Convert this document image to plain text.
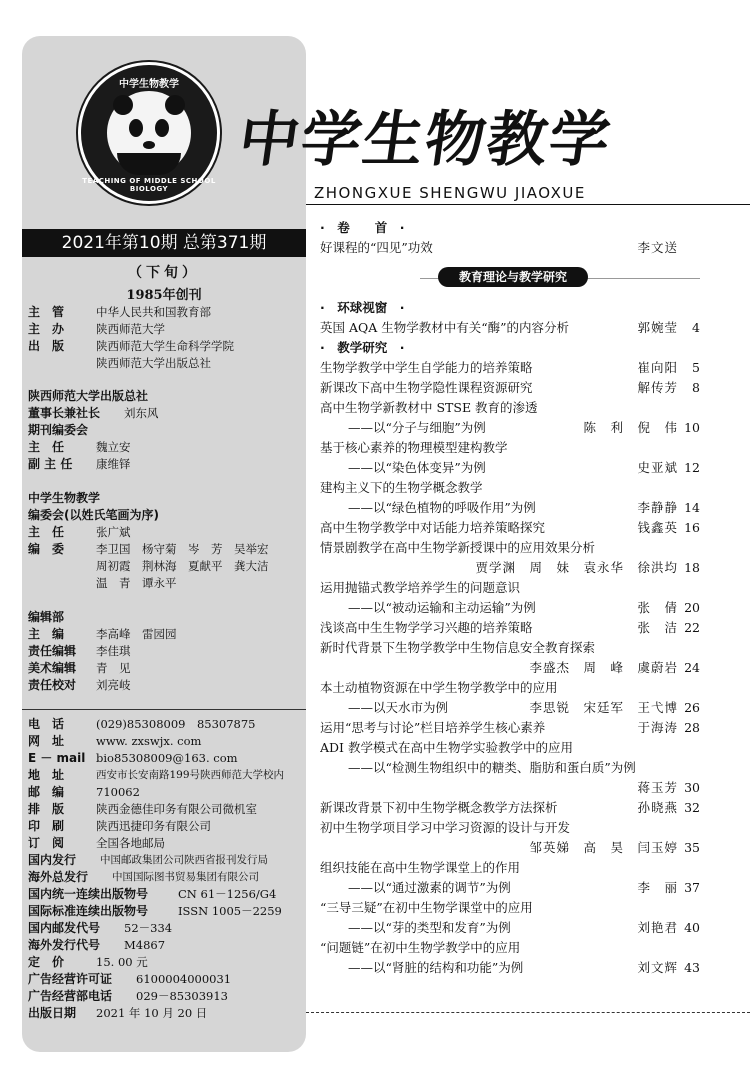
中学生物教学
TEACHING OF MIDDLE SCHOOL BIOLOGY
中学生物教学
ZHONGXUE SHENGWU JIAOXUE
2021年第10期 总第371期
（下旬）
1985年创刊
主　管	中华人民共和国教育部
主　办	陕西师范大学
出　版	陕西师范大学生命科学学院
陕西师范大学出版总社
陕西师范大学出版总社
董事长兼社长	刘东风
期刊编委会
主　任	魏立安
副 主 任	康维铎
中学生物教学
编委会(以姓氏笔画为序)
主　任	张广斌
编　委	李卫国　杨守菊　岑　芳　吴举宏
周初霞　荆林海　夏献平　龚大洁
温　青　谭永平
编辑部
主　编	李高峰　雷园园
责任编辑	李佳琪
美术编辑	青　见
责任校对	刘亮岐
电　话	(029)85308009　85307875
网　址	www. zxswjx. com
E － mail bio85308009@163. com
地　址	西安市长安南路199号陕西师范大学校内
邮　编	710062
排　版	陕西金德佳印务有限公司微机室
印　刷	陕西迅捷印务有限公司
订　阅	全国各地邮局
国内发行	中国邮政集团公司陕西省报刊发行局
海外总发行	中国国际图书贸易集团有限公司
国内统一连续出版物号	CN 61－1256/G4
国际标准连续出版物号	ISSN 1005－2259
国内邮发代号	52－334
海外发行代号	M4867
定　价	15. 00 元
广告经营许可证	6100004000031
广告经营部电话	029－85303913
出版日期	2021 年 10 月 20 日
·　卷　　首　·
好课程的“四见”功效	李文送
教育理论与教学研究
·　环球视窗　·
英国 AQA 生物学教材中有关“酶”的内容分析	郭婉莹	4
·　教学研究　·
生物学教学中学生自学能力的培养策略	崔向阳	5
新课改下高中生物学隐性课程资源研究	解传芳	8
高中生物学新教材中 STSE 教育的渗透
——以“分子与细胞”为例	陈　利　倪　伟 10
基于核心素养的物理模型建构教学
——以“染色体变异”为例	史亚斌 12
建构主义下的生物学概念教学
——以“绿色植物的呼吸作用”为例	李静静 14
高中生物学教学中对话能力培养策略探究	钱鑫英 16
情景剧教学在高中生物学新授课中的应用效果分析
贾学渊　周　妹　袁永华　徐洪均 18
运用抛锚式教学培养学生的问题意识
——以“被动运输和主动运输”为例	张　倩 20
浅谈高中生生物学学习兴趣的培养策略	张　洁 22
新时代背景下生物学教学中生物信息安全教育探索
李盛杰　周　峰　虞蔚岩 24
本土动植物资源在中学生物学教学中的应用
——以天水市为例	李思锐　宋廷军　王弋博 26
运用“思考与讨论”栏目培养学生核心素养	于海涛 28
ADI 教学模式在高中生物学实验教学中的应用
——以“检测生物组织中的糖类、脂肪和蛋白质”为例
蒋玉芳 30
新课改背景下初中生物学概念教学方法探析	孙晓燕 32
初中生物学项目学习中学习资源的设计与开发
邹英娣　高　昊　闫玉婷 35
组织技能在高中生物学课堂上的作用
——以“通过激素的调节”为例	李　丽 37
“三导三疑”在初中生物学课堂中的应用
——以“芽的类型和发育”为例	刘艳君 40
“问题链”在初中生物学教学中的应用
——以“肾脏的结构和功能”为例	刘文辉 43
